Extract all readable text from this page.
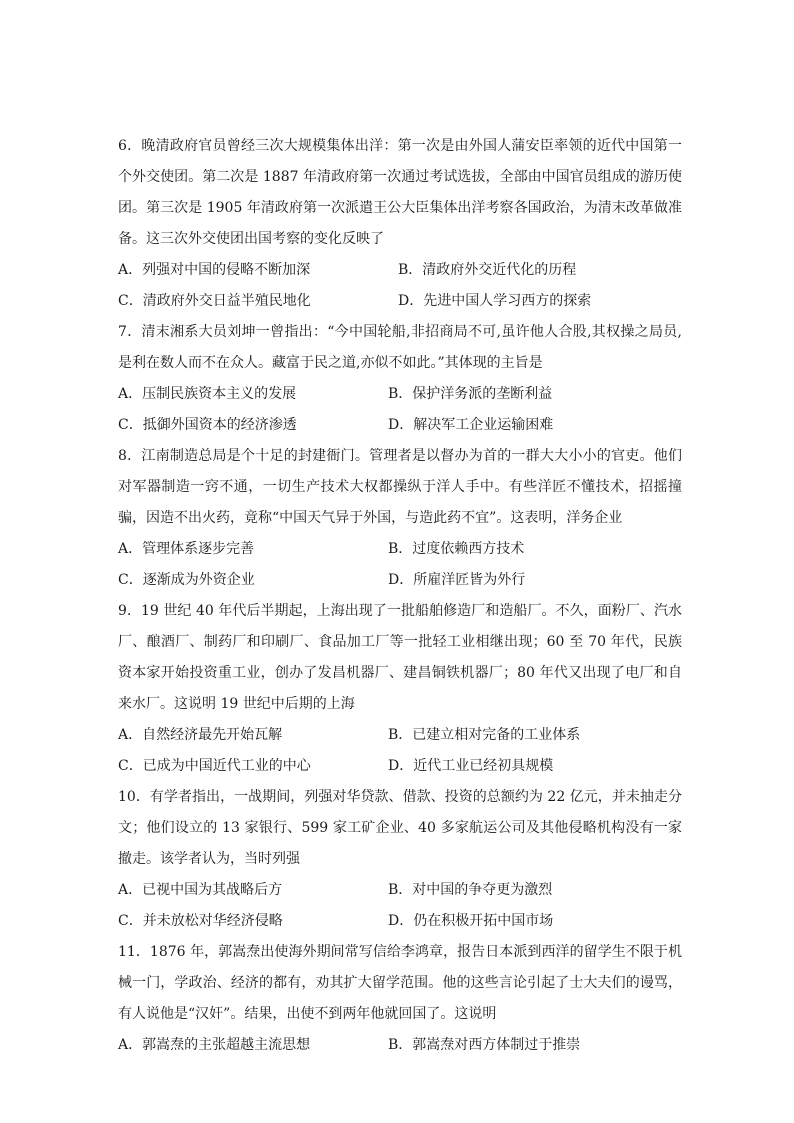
6．晚清政府官员曾经三次大规模集体出洋：第一次是由外国人蒲安臣率领的近代中国第一个外交使团。第二次是 1887 年清政府第一次通过考试选拔，全部由中国官员组成的游历使团。第三次是 1905 年清政府第一次派遣王公大臣集体出洋考察各国政治，为清末改革做准备。这三次外交使团出国考察的变化反映了

A．列强对中国的侵略不断加深	B．清政府外交近代化的历程
C．清政府外交日益半殖民地化	D．先进中国人学习西方的探索

7．清末湘系大员刘坤一曾指出：“今中国轮船,非招商局不可,虽许他人合股,其权操之局员,是利在数人而不在众人。藏富于民之道,亦似不如此。”其体现的主旨是

A．压制民族资本主义的发展	B．保护洋务派的垄断利益
C．抵御外国资本的经济渗透	D．解决军工企业运输困难

8．江南制造总局是个十足的封建衙门。管理者是以督办为首的一群大大小小的官吏。他们对军器制造一窍不通，一切生产技术大权都操纵于洋人手中。有些洋匠不懂技术，招摇撞骗，因造不出火药，竟称“中国天气异于外国，与造此药不宜”。这表明，洋务企业

A．管理体系逐步完善	B．过度依赖西方技术
C．逐渐成为外资企业	D．所雇洋匠皆为外行

9．19 世纪 40 年代后半期起，上海出现了一批船舶修造厂和造船厂。不久，面粉厂、汽水厂、酿酒厂、制药厂和印刷厂、食品加工厂等一批轻工业相继出现；60 至 70 年代，民族资本家开始投资重工业，创办了发昌机器厂、建昌铜铁机器厂；80 年代又出现了电厂和自来水厂。这说明 19 世纪中后期的上海

A．自然经济最先开始瓦解	B．已建立相对完备的工业体系
C．已成为中国近代工业的中心	D．近代工业已经初具规模

10．有学者指出，一战期间，列强对华贷款、借款、投资的总额约为 22 亿元，并未抽走分文；他们设立的 13 家银行、599 家工矿企业、40 多家航运公司及其他侵略机构没有一家撤走。该学者认为，当时列强

A．已视中国为其战略后方	B．对中国的争夺更为激烈
C．并未放松对华经济侵略	D．仍在积极开拓中国市场

11．1876 年，郭嵩焘出使海外期间常写信给李鸿章，报告日本派到西洋的留学生不限于机械一门，学政治、经济的都有，劝其扩大留学范围。他的这些言论引起了士大夫们的谩骂，有人说他是“汉奸”。结果，出使不到两年他就回国了。这说明

A．郭嵩焘的主张超越主流思想	B．郭嵩焘对西方体制过于推崇
